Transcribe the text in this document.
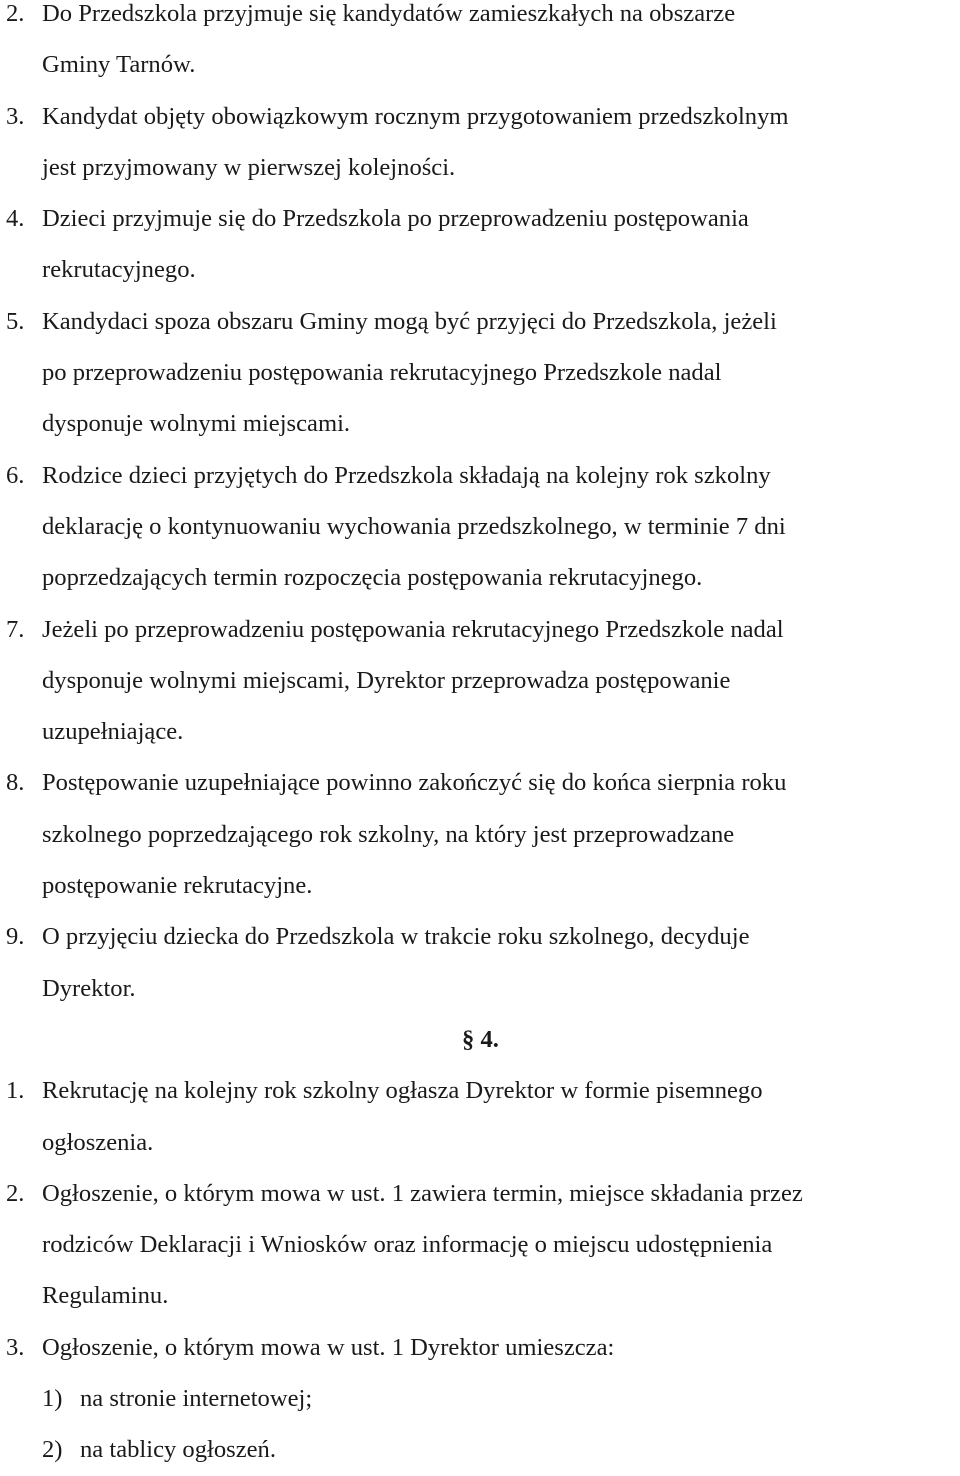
2. Do Przedszkola przyjmuje się kandydatów zamieszkałych na obszarze
Gminy Tarnów.
3. Kandydat objęty obowiązkowym rocznym przygotowaniem przedszkolnym
jest przyjmowany w pierwszej kolejności.
4. Dzieci przyjmuje się do Przedszkola po przeprowadzeniu postępowania
rekrutacyjnego.
5. Kandydaci spoza obszaru Gminy mogą być przyjęci do Przedszkola, jeżeli
po przeprowadzeniu postępowania rekrutacyjnego Przedszkole nadal
dysponuje wolnymi miejscami.
6. Rodzice dzieci przyjętych do Przedszkola składają na kolejny rok szkolny
deklarację o kontynuowaniu wychowania przedszkolnego, w terminie 7 dni
poprzedzających termin rozpoczęcia postępowania rekrutacyjnego.
7. Jeżeli po przeprowadzeniu postępowania rekrutacyjnego Przedszkole nadal
dysponuje wolnymi miejscami, Dyrektor przeprowadza postępowanie
uzupełniające.
8. Postępowanie uzupełniające powinno zakończyć się do końca sierpnia roku
szkolnego poprzedzającego rok szkolny, na który jest przeprowadzane
postępowanie rekrutacyjne.
9. O przyjęciu dziecka do Przedszkola w trakcie roku szkolnego, decyduje
Dyrektor.
§ 4.
1. Rekrutację na kolejny rok szkolny ogłasza Dyrektor w formie pisemnego
ogłoszenia.
2. Ogłoszenie, o którym mowa w ust. 1 zawiera termin, miejsce składania przez
rodziców Deklaracji i Wniosków oraz informację o miejscu udostępnienia
Regulaminu.
3. Ogłoszenie, o którym mowa w ust. 1 Dyrektor umieszcza:
1) na stronie internetowej;
2) na tablicy ogłoszeń.
